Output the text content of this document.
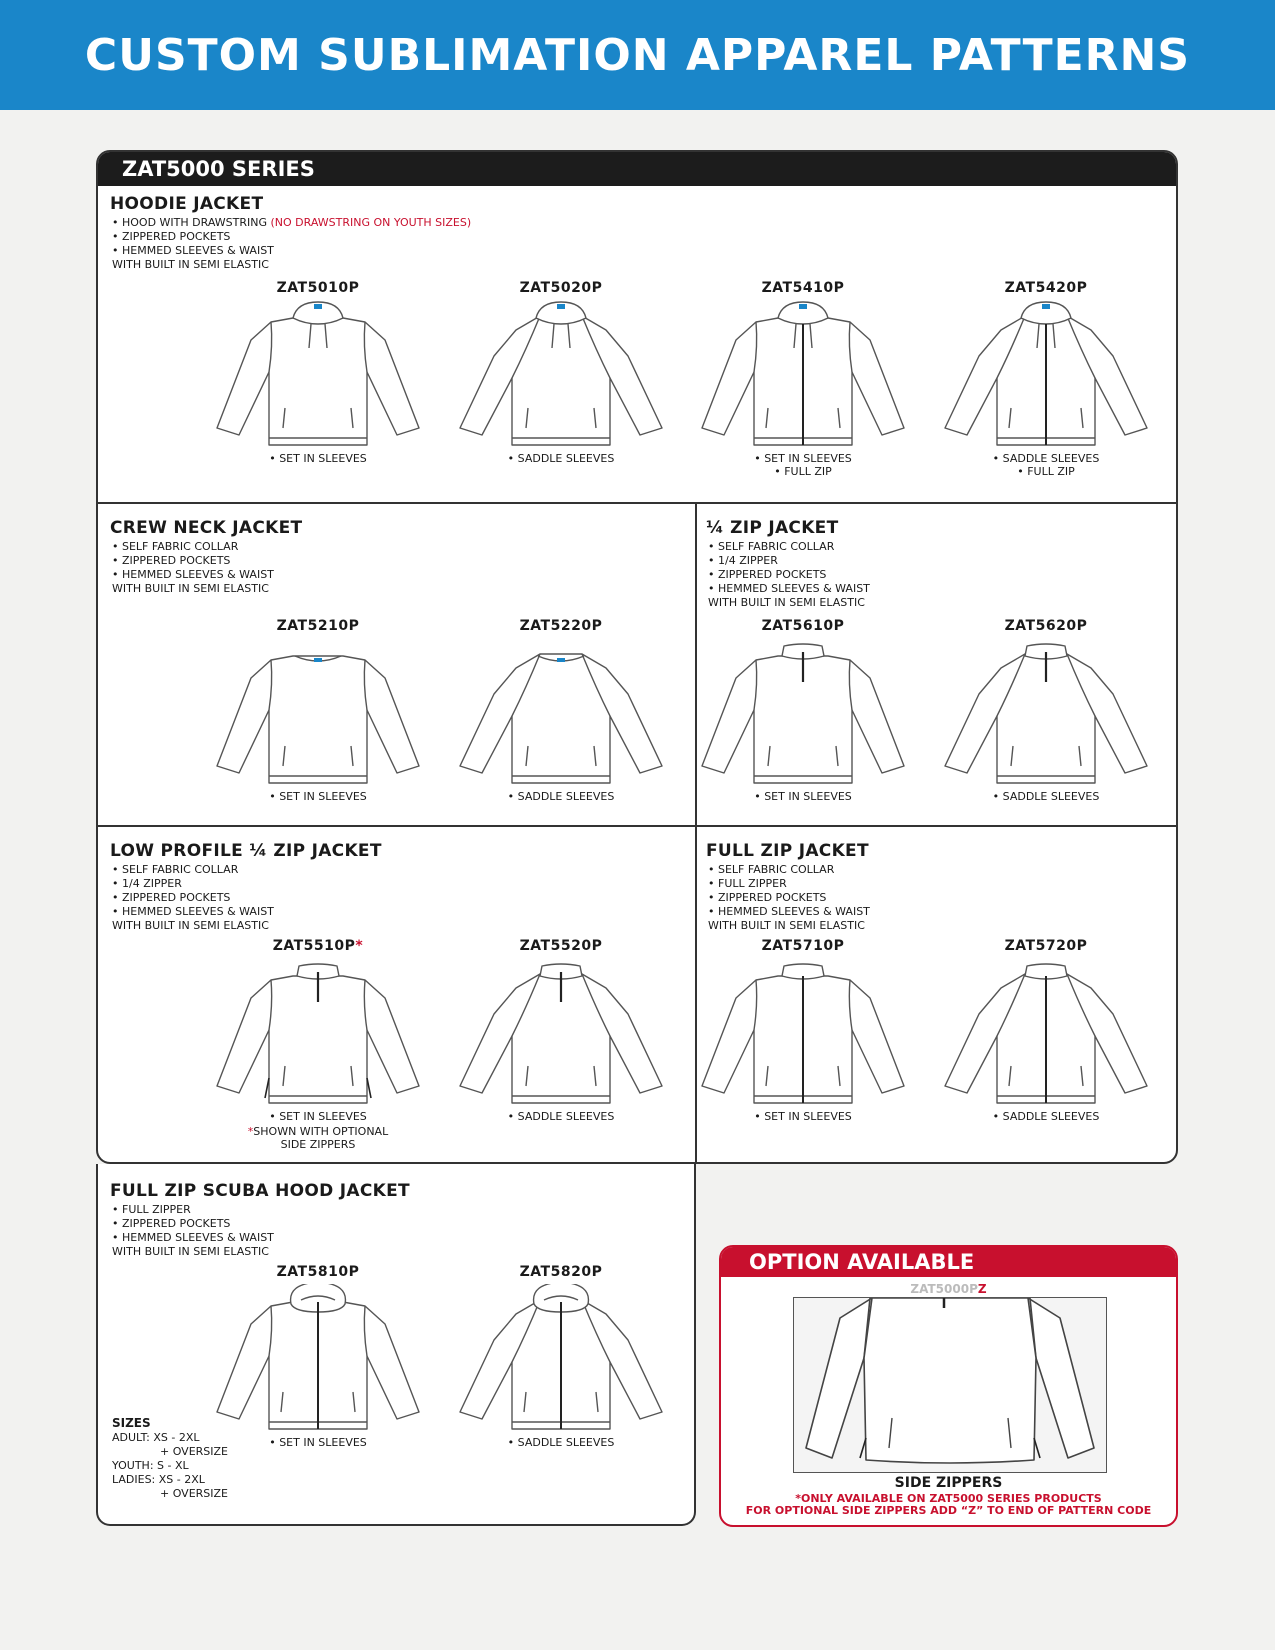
CUSTOM SUBLIMATION APPAREL PATTERNS
ZAT5000 SERIES
HOODIE JACKET
• HOOD WITH DRAWSTRING (NO DRAWSTRING ON YOUTH SIZES)
• ZIPPERED POCKETS
• HEMMED SLEEVES & WAIST
WITH BUILT IN SEMI ELASTIC
ZAT5010P
• SET IN SLEEVES
ZAT5020P
• SADDLE SLEEVES
ZAT5410P
• SET IN SLEEVES
• FULL ZIP
ZAT5420P
• SADDLE SLEEVES
• FULL ZIP
CREW NECK JACKET
• SELF FABRIC COLLAR
• ZIPPERED POCKETS
• HEMMED SLEEVES & WAIST
WITH BUILT IN SEMI ELASTIC
ZAT5210P
• SET IN SLEEVES
ZAT5220P
• SADDLE SLEEVES
¼ ZIP JACKET
• SELF FABRIC COLLAR
• 1/4 ZIPPER
• ZIPPERED POCKETS
• HEMMED SLEEVES & WAIST
WITH BUILT IN SEMI ELASTIC
ZAT5610P
• SET IN SLEEVES
ZAT5620P
• SADDLE SLEEVES
LOW PROFILE ¼ ZIP JACKET
• SELF FABRIC COLLAR
• 1/4 ZIPPER
• ZIPPERED POCKETS
• HEMMED SLEEVES & WAIST
WITH BUILT IN SEMI ELASTIC
ZAT5510P*
• SET IN SLEEVES
*SHOWN WITH OPTIONAL
SIDE ZIPPERS
ZAT5520P
• SADDLE SLEEVES
FULL ZIP JACKET
• SELF FABRIC COLLAR
• FULL ZIPPER
• ZIPPERED POCKETS
• HEMMED SLEEVES & WAIST
WITH BUILT IN SEMI ELASTIC
ZAT5710P
• SET IN SLEEVES
ZAT5720P
• SADDLE SLEEVES
FULL ZIP SCUBA HOOD JACKET
• FULL ZIPPER
• ZIPPERED POCKETS
• HEMMED SLEEVES & WAIST
WITH BUILT IN SEMI ELASTIC
ZAT5810P
• SET IN SLEEVES
ZAT5820P
• SADDLE SLEEVES
SIZES
ADULT: XS - 2XL
+ OVERSIZE
YOUTH: S - XL
LADIES: XS - 2XL
+ OVERSIZE
OPTION AVAILABLE
ZAT5000PZ
SIDE ZIPPERS
*ONLY AVAILABLE ON ZAT5000 SERIES PRODUCTS
FOR OPTIONAL SIDE ZIPPERS ADD “Z” TO END OF PATTERN CODE
